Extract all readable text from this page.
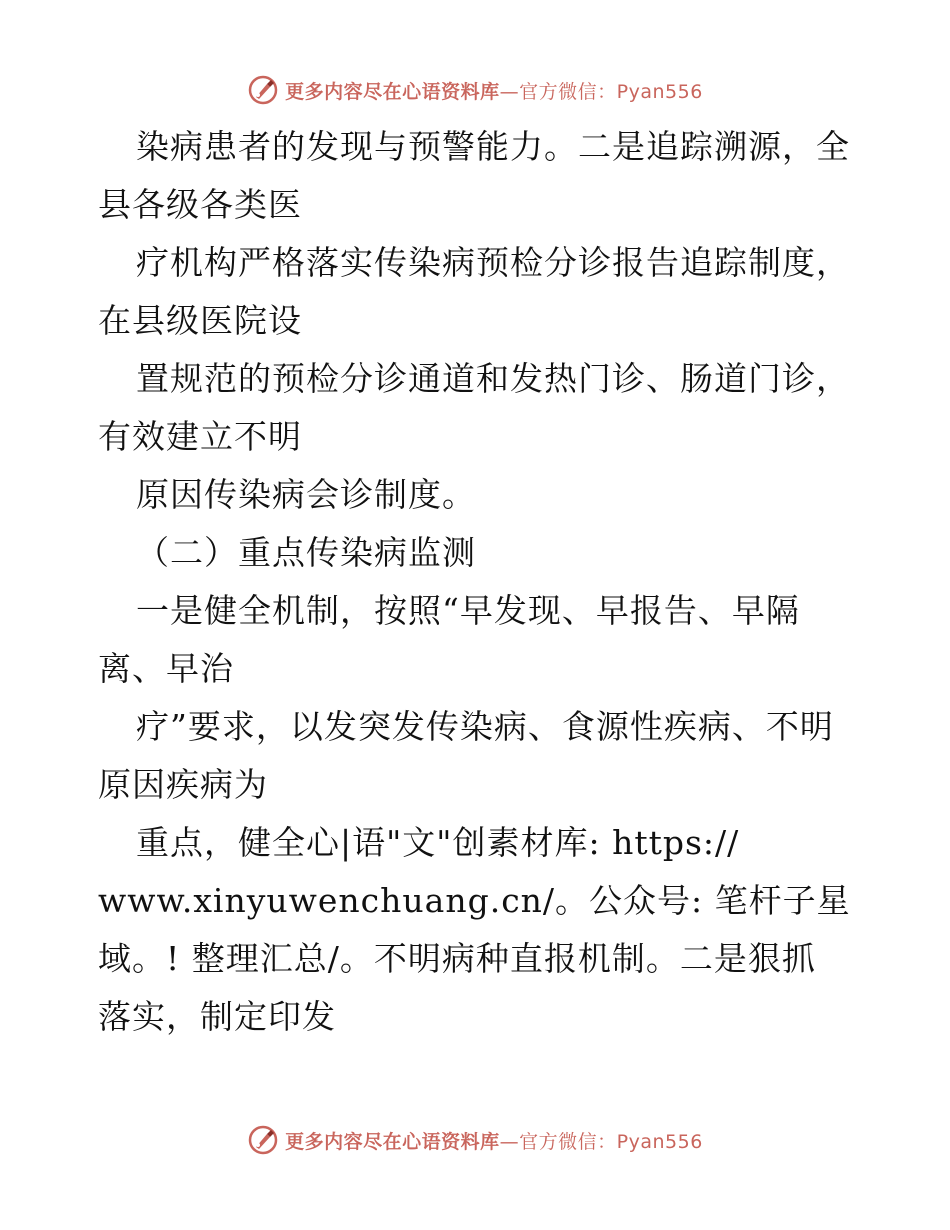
更多内容尽在心语资料库—官方微信：Pyan556
染病患者的发现与预警能力。二是追踪溯源，全
县各级各类医
疗机构严格落实传染病预检分诊报告追踪制度，
在县级医院设
置规范的预检分诊通道和发热门诊、肠道门诊，
有效建立不明
原因传染病会诊制度。
（二）重点传染病监测
一是健全机制，按照“早发现、早报告、早隔
离、早治
疗”要求，以发突发传染病、食源性疾病、不明
原因疾病为
重点，健全心|语"文"创素材库: https://
www.xinyuwenchuang.cn/。公众号: 笔杆子星
域。! 整理汇总/。不明病种直报机制。二是狠抓
落实，制定印发
更多内容尽在心语资料库—官方微信：Pyan556
